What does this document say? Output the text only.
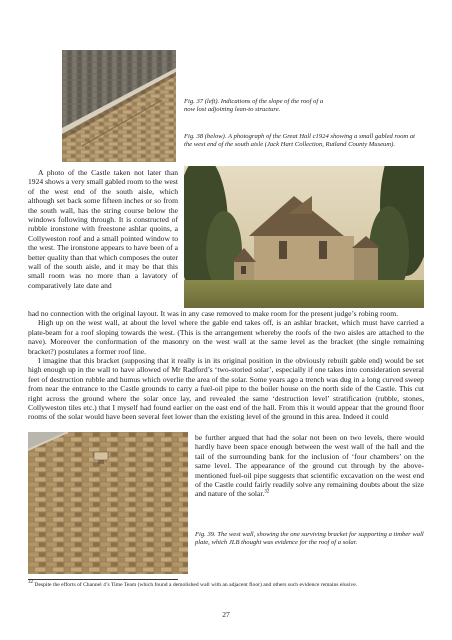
Fig. 37 (left). Indications of the slope of the roof of a now lost adjoining lean-to structure.

Fig. 38 (below). A photograph of the Great Hall c1924 showing a small gabled room at the west end of the south aisle (Jack Hart Collection, Rutland County Museum).

A photo of the Castle taken not later than 1924 shows a very small gabled room to the west of the west end of the south aisle, which although set back some fifteen inches or so from the south wall, has the string course below the windows following through. It is constructed of rubble ironstone with freestone ashlar quoins, a Collyweston roof and a small pointed window to the west. The ironstone appears to have been of a better quality than that which composes the outer wall of the south aisle, and it may be that this small room was no more than a lavatory of comparatively late date and

had no connection with the original layout. It was in any case removed to make room for the present judge’s robing room.

High up on the west wall, at about the level where the gable end takes off, is an ashlar bracket, which must have carried a plate-beam for a roof sloping towards the west. (This is the arrangement whereby the roofs of the two aisles are attached to the nave). Moreover the conformation of the masonry on the west wall at the same level as the bracket (the single remaining bracket?) postulates a former roof line.

I imagine that this bracket (supposing that it really is in its original position in the obviously rebuilt gable end) would be set high enough up in the wall to have allowed of Mr Radford’s ‘two-storied solar’, especially if one takes into consideration several feet of destruction rubble and humus which overlie the area of the solar. Some years ago a trench was dug in a long curved sweep from near the entrance to the Castle grounds to carry a fuel-oil pipe to the boiler house on the north side of the Castle. This cut right across the ground where the solar once lay, and revealed the same ‘destruction level’ stratification (rubble, stones, Collyweston tiles etc.) that I myself had found earlier on the east end of the hall. From this it would appear that the ground floor rooms of the solar would have been several feet lower than the existing level of the ground in this area. Indeed it could

be further argued that had the solar not been on two levels, there would hardly have been space enough between the west wall of the hall and the tail of the surrounding bank for the inclusion of ‘four chambers’ on the same level. The appearance of the ground cut through by the above-mentioned fuel-oil pipe suggests that scientific excavation on the west end of the Castle could fairly readily solve any remaining doubts about the size and nature of the solar.$^{32}$

Fig. 39. The west wall, showing the one surviving bracket for supporting a timber wall plate, which JLB thought was evidence for the roof of a solar.

$^{32}$ Despite the efforts of Channel 4’s Time Team (which found a demolished wall with an adjacent floor) and others such evidence remains elusive.
27
